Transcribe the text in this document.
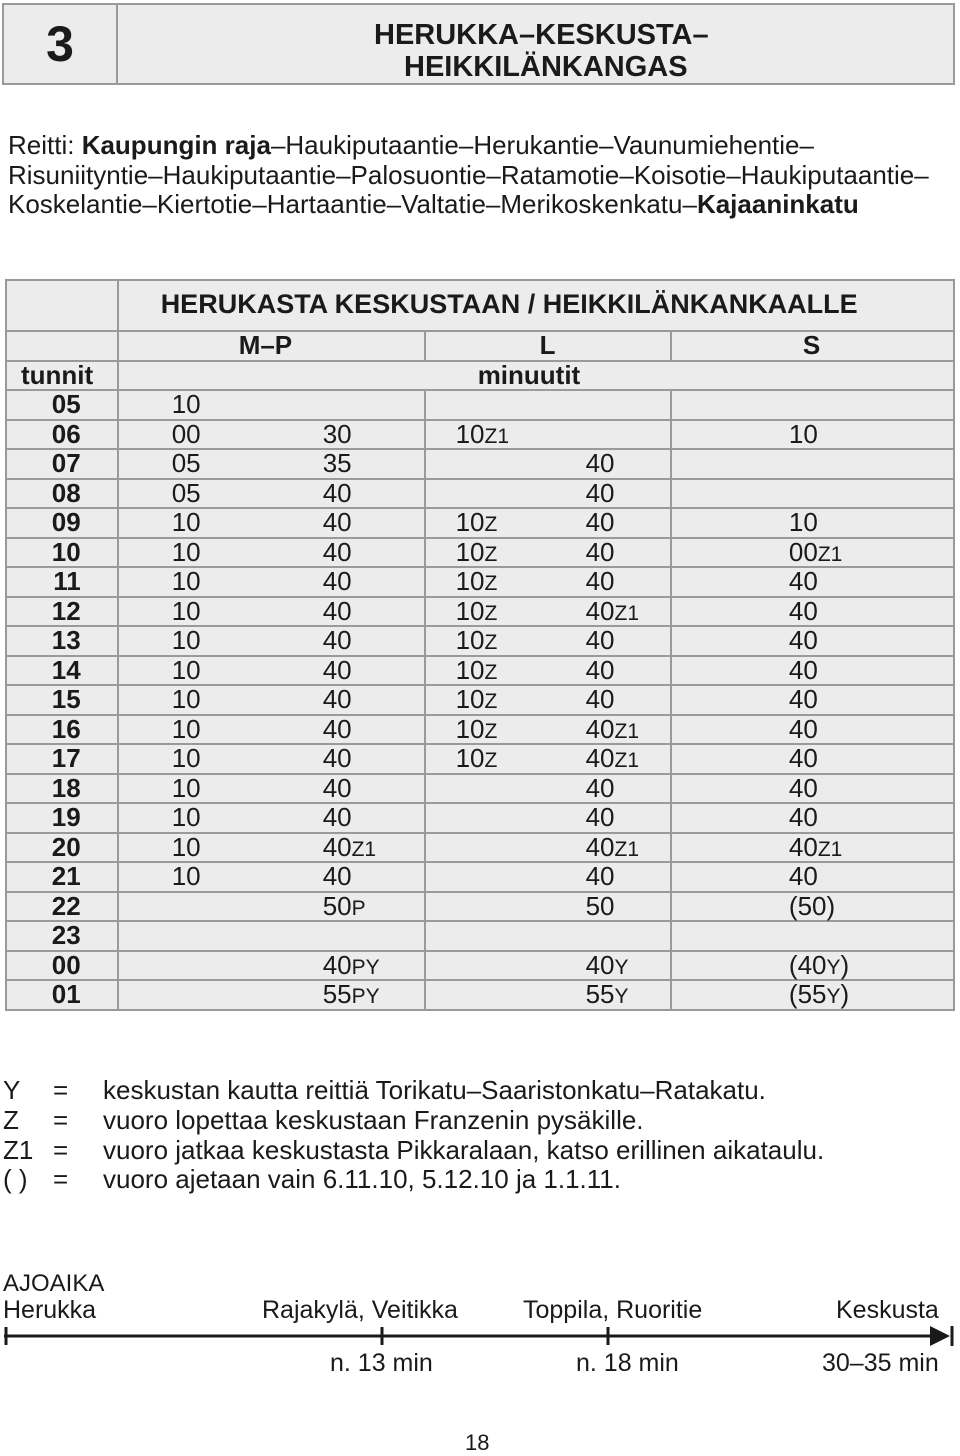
3	HERUKKA–KESKUSTA–
HEIKKILÄNKANGAS
Reitti: Kaupungin raja–Haukiputaantie–Herukantie–Vaunumiehentie–Risuniityntie–Haukiputaantie–Palosuontie–Ratamotie–Koisotie–Haukiputaantie–Koskelantie–Kiertotie–Hartaantie–Valtatie–Merikoskenkatu–Kajaaninkatu

	HERUKASTA KESKUSTAAN / HEIKKILÄNKANKAALLE		

	M–P	L	S

tunnit	minuutit		

05	10		

06	00 30	10Z1	10

07	05 35	40	

08	05 40	40	

09	10 40	10Z 40	10

10	10 40	10Z 40	00Z1

11	10 40	10Z 40	40

12	10 40	10Z 40Z1	40

13	10 40	10Z 40	40

14	10 40	10Z 40	40

15	10 40	10Z 40	40

16	10 40	10Z 40Z1	40

17	10 40	10Z 40Z1	40

18	10 40	40	40

19	10 40	40	40

20	10 40Z1	40Z1	40Z1

21	10 40	40	40

22	50P	50	(50)

23			
00	40PY	40Y	(40Y)

01	55PY	55Y	(55Y)
Y	=	keskustan kautta reittiä Torikatu–Saaristonkatu–Ratakatu.
Z	=	vuoro lopettaa keskustaan Franzenin pysäkille.
Z1 =	vuoro jatkaa keskustasta Pikkaralaan, katso erillinen aikataulu.
( ) =	vuoro ajetaan vain 6.11.10, 5.12.10 ja 1.1.11.
AJOAIKA
Herukka	Rajakylä, Veitikka	Toppila, Ruoritie	Keskusta
n. 13 min	n. 18 min	30–35 min
18
